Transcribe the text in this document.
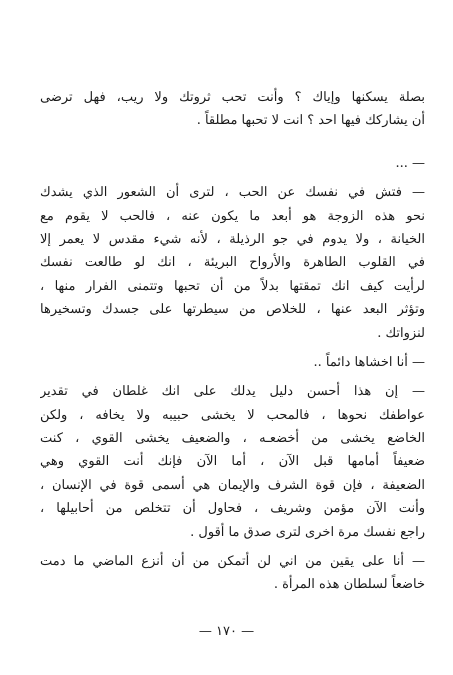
بصلة يسكنها وإياك ؟ وأنت تحب ثروتك ولا ريب، فهل ترضى
أن يشاركك فيها احد ؟ انت لا تحبها مطلقاً .
— ...
— فتش في نفسك عن الحب ، لترى أن الشعور الذي يشدك
نحو هذه الزوجة هو أبعد ما يكون عنه ، فالحب لا يقوم مع
الخيانة ، ولا يدوم في جو الرذيلة ، لأنه شيء مقدس لا يعمر إلا
في القلوب الطاهرة والأرواح البريئة ، انك لو طالعت نفسك
لرأيت كيف انك تمقتها بدلاً من أن تحبها وتتمنى الفرار منها ،
وتؤثر البعد عنها ، للخلاص من سيطرتها على جسدك وتسخيرها
لنزواتك .
— أنا اخشاها دائماً ..
— إن هذا أحسن دليل يدلك على انك غلطان في تقدير
عواطفك نحوها ، فالمحب لا يخشى حبيبه ولا يخافه ، ولكن
الخاضع يخشى من أخضعـه ، والضعيف يخشى القوي ، كنت
ضعيفاً أمامها قبل الآن ، أما الآن فإنك أنت القوي وهي
الضعيفة ، فإن قوة الشرف والإيمان هي أسمى قوة في الإنسان ،
وأنت الآن مؤمن وشريف ، فحاول أن تتخلص من أحابيلها ،
راجع نفسك مرة اخرى لترى صدق ما أقول .
— أنا على يقين من اني لن أتمكن من أن أنزع الماضي ما دمت
خاضعاً لسلطان هذه المرأة .
— ١٧٠ —
